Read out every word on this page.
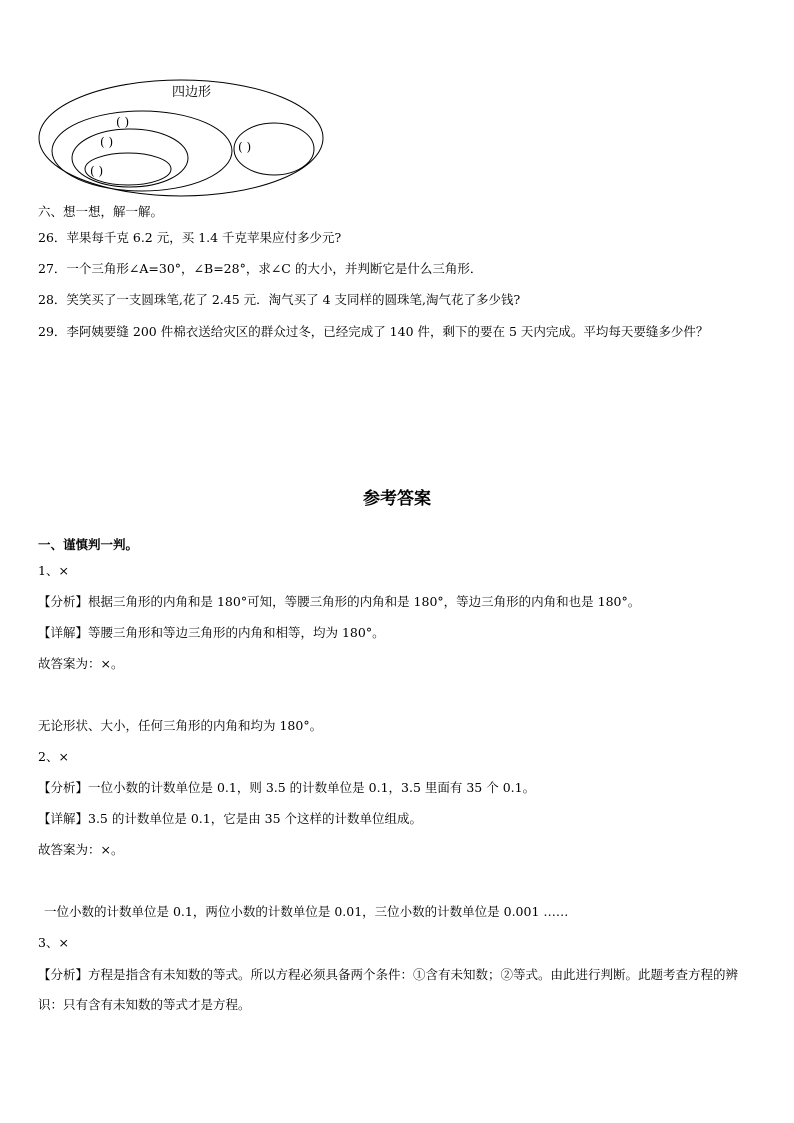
四边形
( )
( )
( )
( )
六、想一想，解一解。
26．苹果每千克 6.2 元，买 1.4 千克苹果应付多少元?
27．一个三角形∠A=30°，∠B=28°，求∠C 的大小，并判断它是什么三角形．
28．笑笑买了一支圆珠笔,花了 2.45 元．淘气买了 4 支同样的圆珠笔,淘气花了多少钱?
29．李阿姨要缝 200 件棉衣送给灾区的群众过冬，已经完成了 140 件，剩下的要在 5 天内完成。平均每天要缝多少件？
参考答案
一、谨慎判一判。
1、×
【分析】根据三角形的内角和是 180°可知，等腰三角形的内角和是 180°，等边三角形的内角和也是 180°。
【详解】等腰三角形和等边三角形的内角和相等，均为 180°。
故答案为：×。
无论形状、大小，任何三角形的内角和均为 180°。
2、×
【分析】一位小数的计数单位是 0.1，则 3.5 的计数单位是 0.1，3.5 里面有 35 个 0.1。
【详解】3.5 的计数单位是 0.1，它是由 35 个这样的计数单位组成。
故答案为：×。
一位小数的计数单位是 0.1，两位小数的计数单位是 0.01，三位小数的计数单位是 0.001 ……
3、×
【分析】方程是指含有未知数的等式。所以方程必须具备两个条件：①含有未知数；②等式。由此进行判断。此题考查方程的辨识：只有含有未知数的等式才是方程。
